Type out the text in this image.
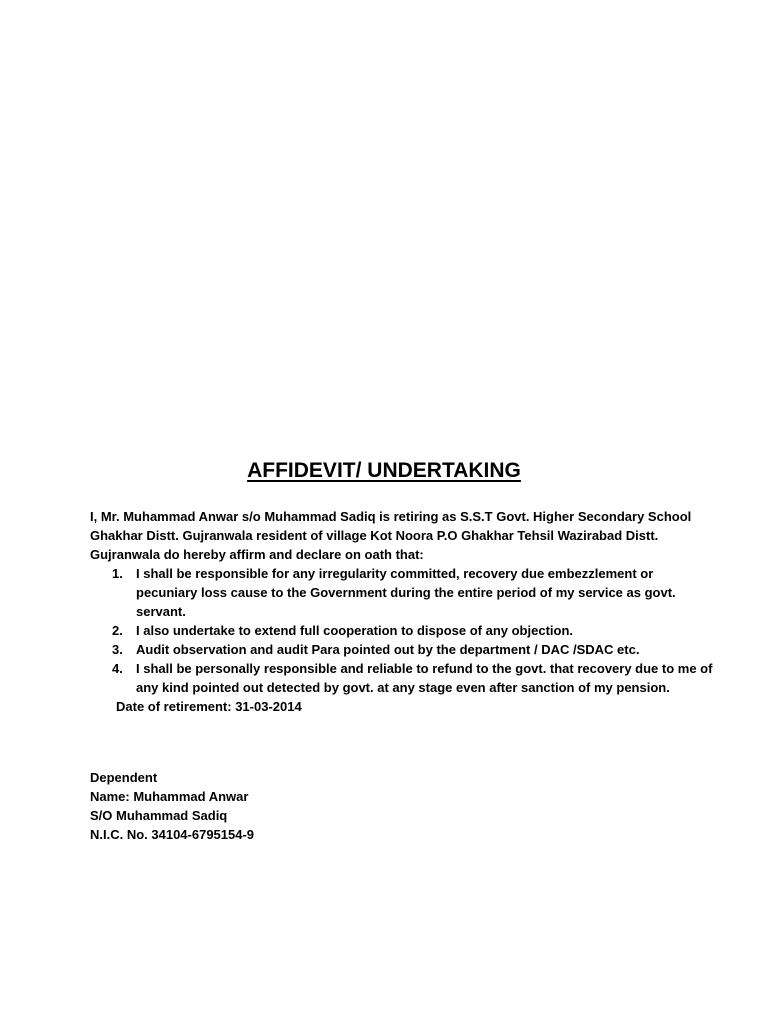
AFFIDEVIT/ UNDERTAKING

I, Mr. Muhammad Anwar s/o Muhammad Sadiq is retiring as S.S.T Govt. Higher Secondary School Ghakhar Distt. Gujranwala resident of village Kot Noora P.O Ghakhar Tehsil Wazirabad Distt. Gujranwala do hereby affirm and declare on oath that:

1. I shall be responsible for any irregularity committed, recovery due embezzlement or pecuniary loss cause to the Government during the entire period of my service as govt. servant.
2. I also undertake to extend full cooperation to dispose of any objection.
3. Audit observation and audit Para pointed out by the department / DAC /SDAC etc.
4. I shall be personally responsible and reliable to refund to the govt. that recovery due to me of any kind pointed out detected by govt. at any stage even after sanction of my pension.

Date of retirement: 31-03-2014

Dependent
Name: Muhammad Anwar
S/O Muhammad Sadiq
N.I.C. No. 34104-6795154-9
